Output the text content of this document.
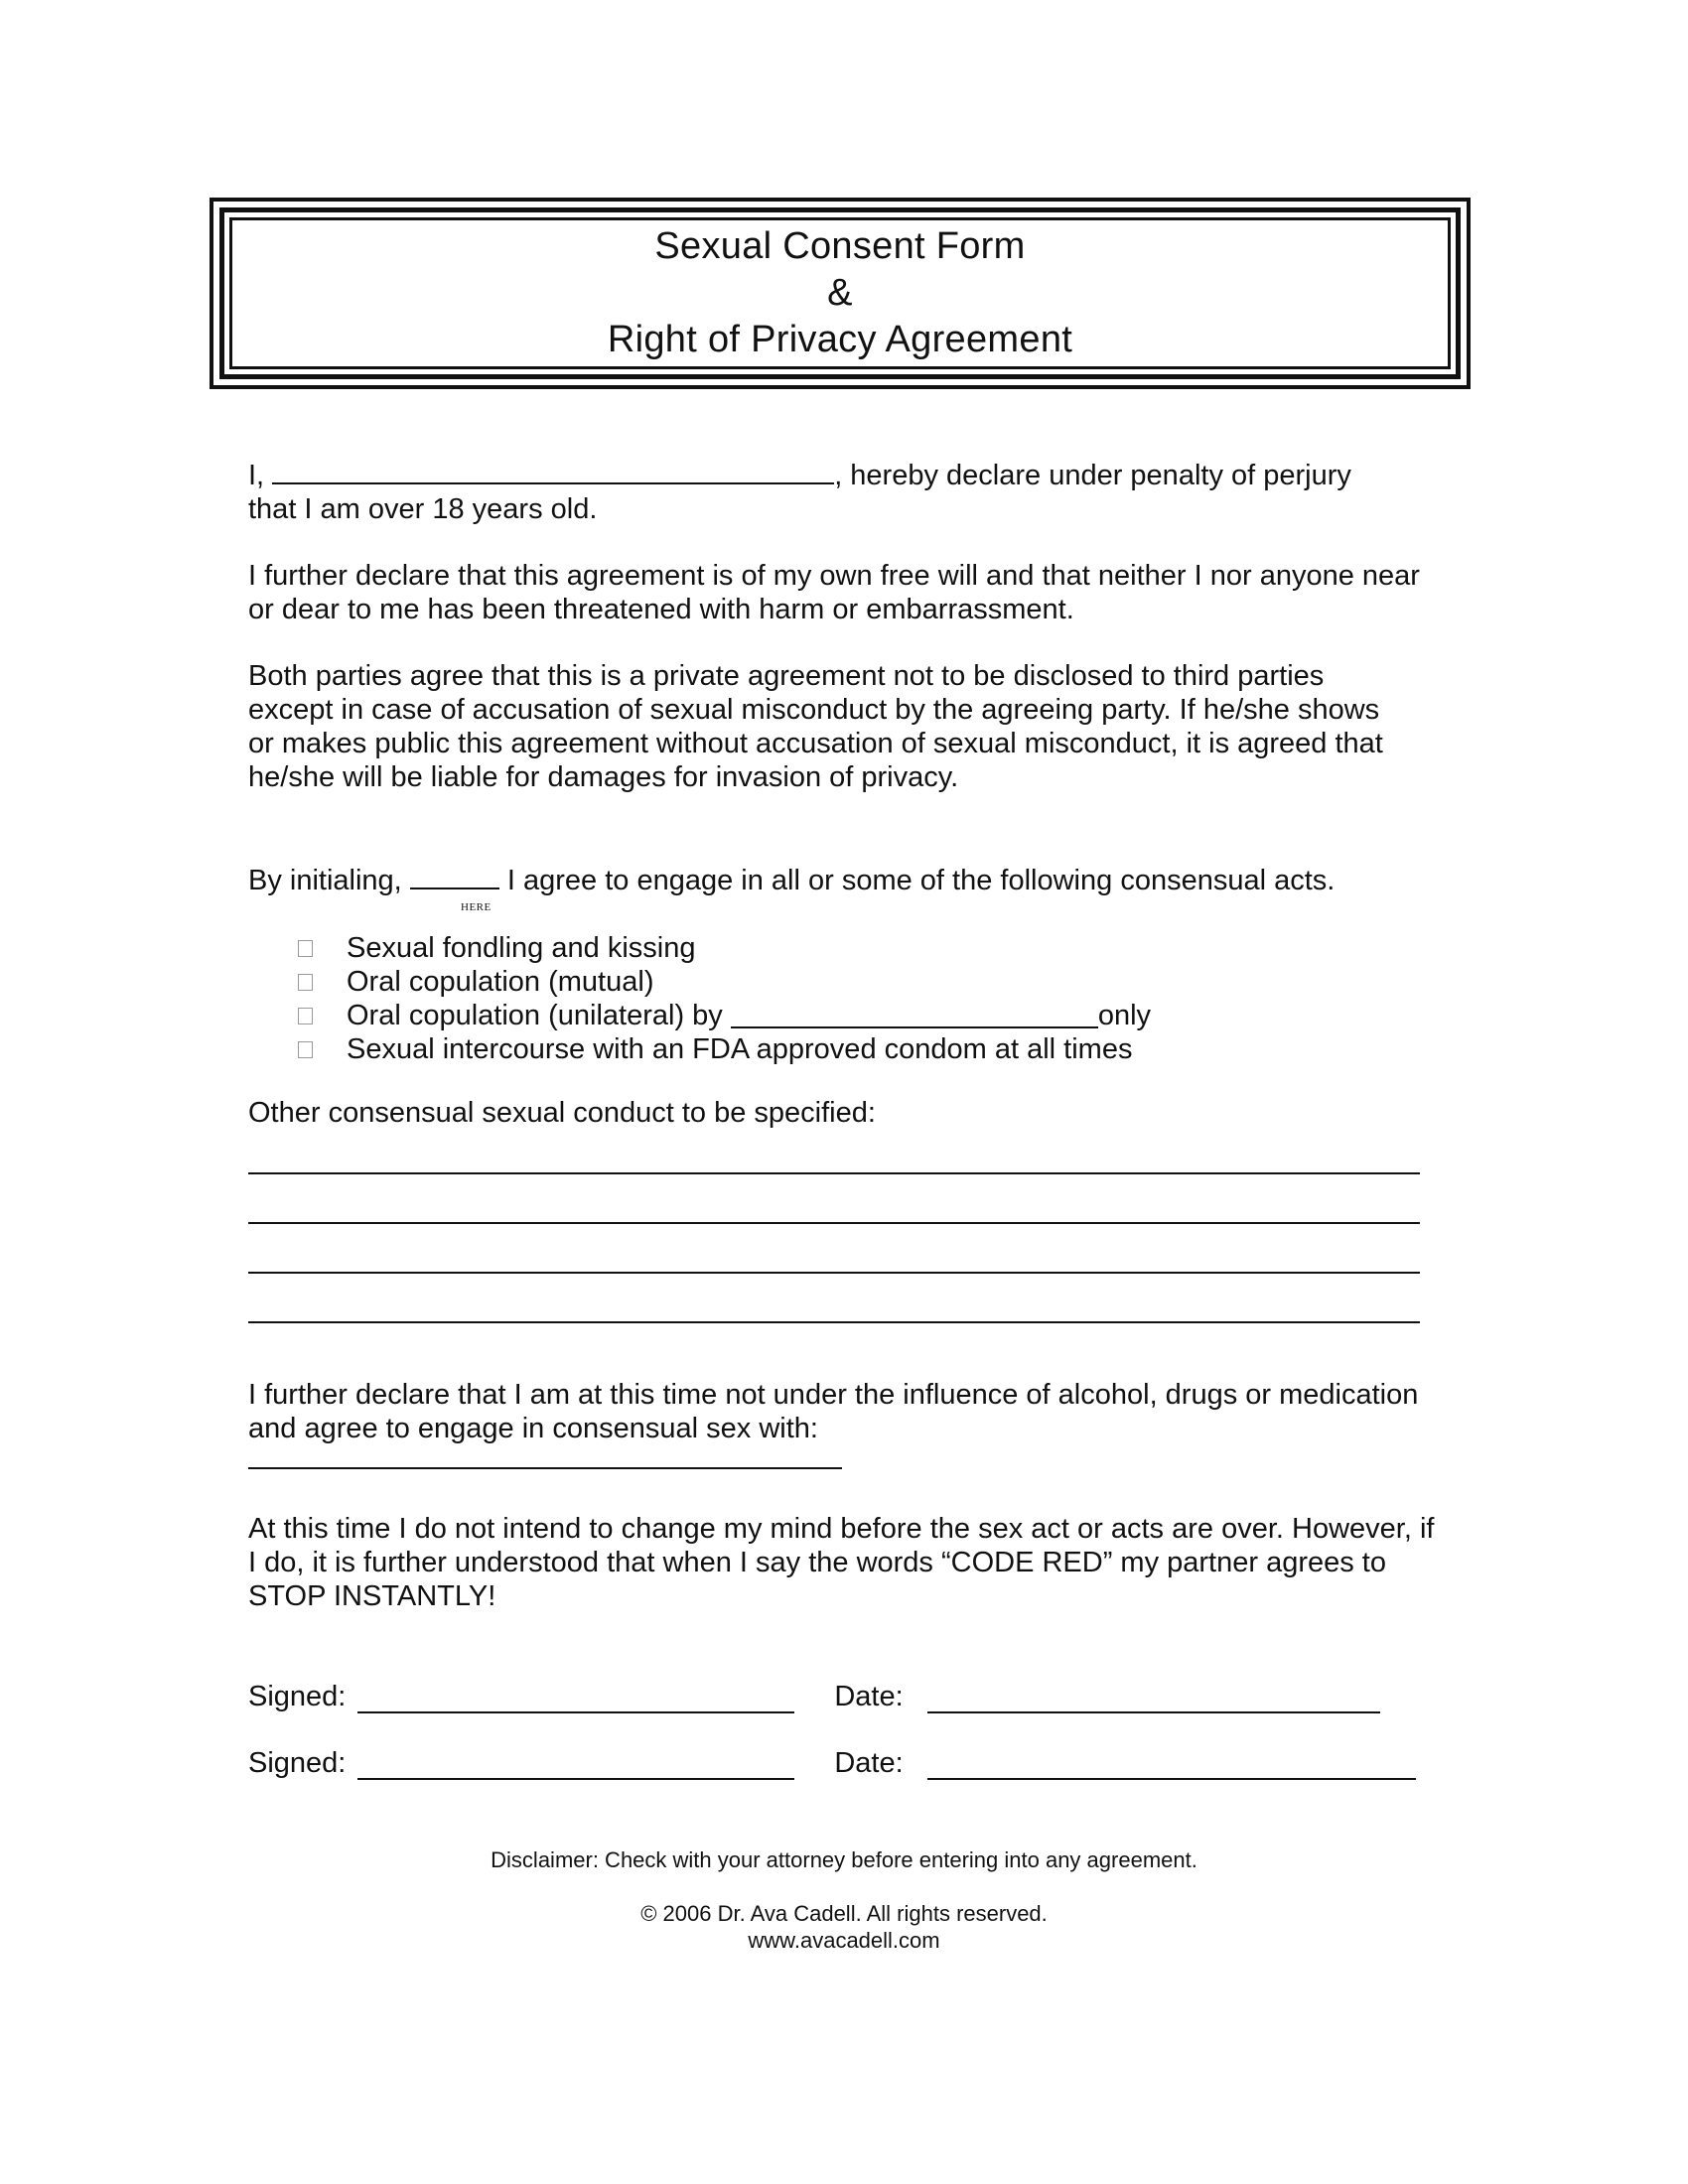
Sexual Consent Form
&
Right of Privacy Agreement
I,	, hereby declare under penalty of perjury
that I am over 18 years old.
I further declare that this agreement is of my own free will and that neither I nor anyone near or dear to me has been threatened with harm or embarrassment.
Both parties agree that this is a private agreement not to be disclosed to third parties except in case of accusation of sexual misconduct by the agreeing party. If he/she shows or makes public this agreement without accusation of sexual misconduct, it is agreed that he/she will be liable for damages for invasion of privacy.
By initialing,	I agree to engage in all or some of the following consensual acts.
HERE
Sexual fondling and kissing
Oral copulation (mutual)
Oral copulation (unilateral) by	only
Sexual intercourse with an FDA approved condom at all times
Other consensual sexual conduct to be specified:
I further declare that I am at this time not under the influence of alcohol, drugs or medication and agree to engage in consensual sex with:
At this time I do not intend to change my mind before the sex act or acts are over. However, if I do, it is further understood that when I say the words “CODE RED” my partner agrees to STOP INSTANTLY!
Signed:	Date:
Signed:	Date:
Disclaimer: Check with your attorney before entering into any agreement.
© 2006 Dr. Ava Cadell. All rights reserved.
www.avacadell.com
